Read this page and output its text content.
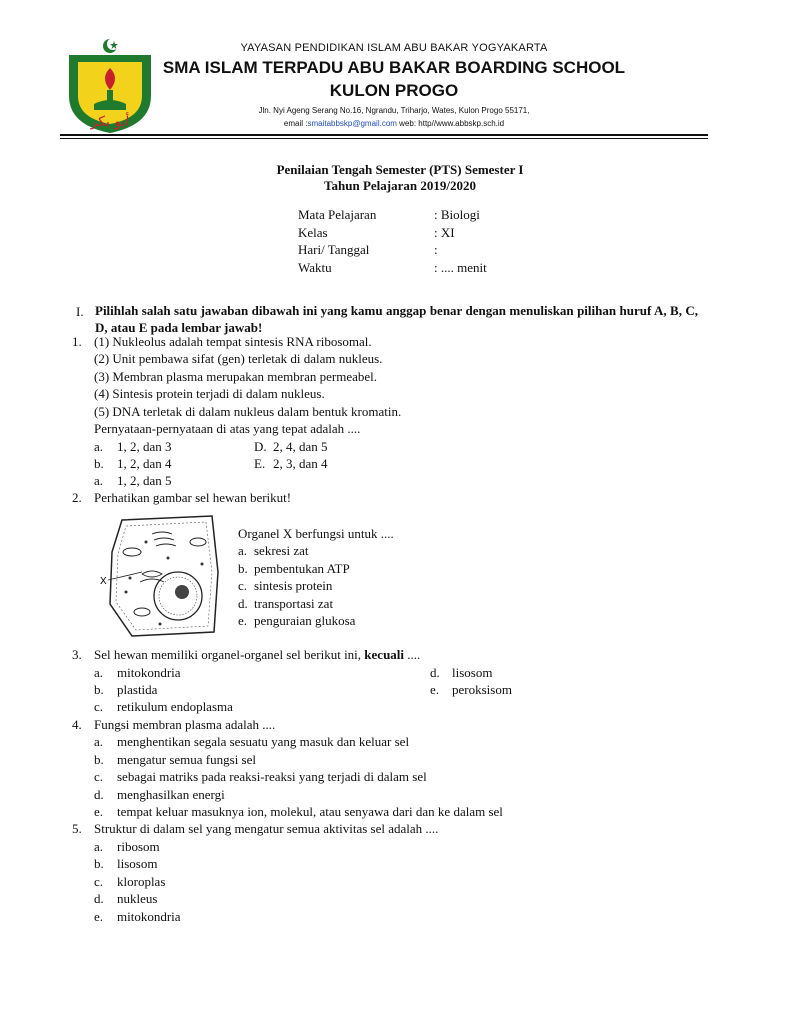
أبو بكر
YAYASAN PENDIDIKAN ISLAM ABU BAKAR YOGYAKARTA
SMA ISLAM TERPADU ABU BAKAR BOARDING SCHOOL
KULON PROGO
Jln. Nyi Ageng Serang No.16, Ngrandu, Triharjo, Wates, Kulon Progo 55171,
email :smaitabbskp@gmail.com web: http//www.abbskp.sch.id
Penilaian Tengah Semester (PTS) Semester I
Tahun Pelajaran 2019/2020
Mata Pelajaran	: Biologi
Kelas	: XI
Hari/ Tanggal	:
Waktu	: .... menit
I. Pilihlah salah satu jawaban dibawah ini yang kamu anggap benar dengan menuliskan pilihan huruf A, B, C, D, atau E pada lembar jawab!
1. (1) Nukleolus adalah tempat sintesis RNA ribosomal.
(2) Unit pembawa sifat (gen) terletak di dalam nukleus.
(3) Membran plasma merupakan membran permeabel.
(4) Sintesis protein terjadi di dalam nukleus.
(5) DNA terletak di dalam nukleus dalam bentuk kromatin.
Pernyataan-pernyataan di atas yang tepat adalah ....
a. 1, 2, dan 3	D. 2, 4, dan 5
b. 1, 2, dan 4	E. 2, 3, dan 4
a. 1, 2, dan 5
2. Perhatikan gambar sel hewan berikut!
X
Organel X berfungsi untuk ....
a. sekresi zat
b. pembentukan ATP
c. sintesis protein
d. transportasi zat
e. penguraian glukosa
3. Sel hewan memiliki organel-organel sel berikut ini, kecuali ....
a. mitokondria	d. lisosom
b. plastida	e. peroksisom
c. retikulum endoplasma
4. Fungsi membran plasma adalah ....
a. menghentikan segala sesuatu yang masuk dan keluar sel
b. mengatur semua fungsi sel
c. sebagai matriks pada reaksi-reaksi yang terjadi di dalam sel
d. menghasilkan energi
e. tempat keluar masuknya ion, molekul, atau senyawa dari dan ke dalam sel
5. Struktur di dalam sel yang mengatur semua aktivitas sel adalah ....
a. ribosom
b. lisosom
c. kloroplas
d. nukleus
e. mitokondria
